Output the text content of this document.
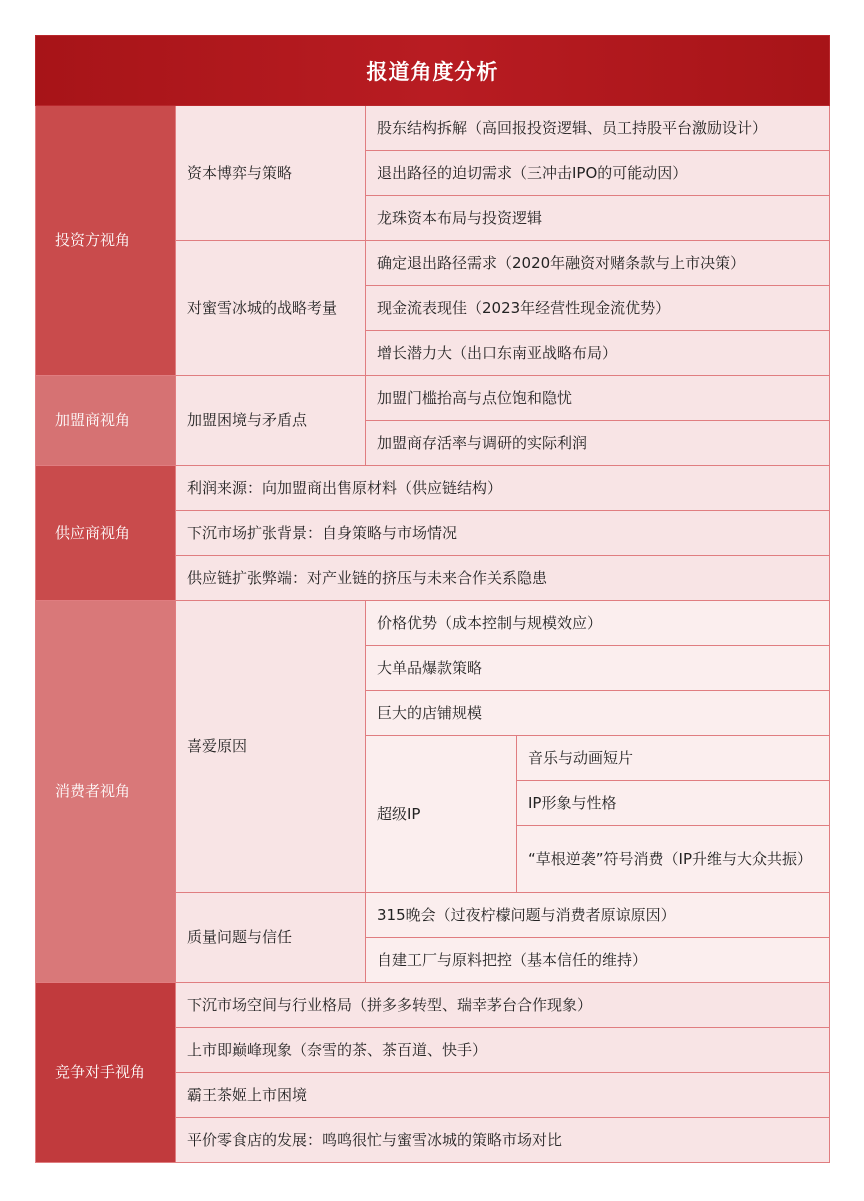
报道角度分析			
投资方视角	资本博弈与策略	股东结构拆解（高回报投资逻辑、员工持股平台激励设计）	
		退出路径的迫切需求（三冲击IPO的可能动因）	
		龙珠资本布局与投资逻辑	
	对蜜雪冰城的战略考量	确定退出路径需求（2020年融资对赌条款与上市决策）	
		现金流表现佳（2023年经营性现金流优势）	
		增长潜力大（出口东南亚战略布局）	
加盟商视角	加盟困境与矛盾点	加盟门槛抬高与点位饱和隐忧	
		加盟商存活率与调研的实际利润	
供应商视角	利润来源：向加盟商出售原材料（供应链结构）		
	下沉市场扩张背景：自身策略与市场情况		
	供应链扩张弊端：对产业链的挤压与未来合作关系隐患		
消费者视角	喜爱原因	价格优势（成本控制与规模效应）	
		大单品爆款策略	
		巨大的店铺规模	
		超级IP	音乐与动画短片
			IP形象与性格
			“草根逆袭”符号消费（IP升维与大众共振）
	质量问题与信任	315晚会（过夜柠檬问题与消费者原谅原因）	
		自建工厂与原料把控（基本信任的维持）	
竞争对手视角	下沉市场空间与行业格局（拼多多转型、瑞幸茅台合作现象）		
	上市即巅峰现象（奈雪的茶、茶百道、快手）		
	霸王茶姬上市困境		
	平价零食店的发展：鸣鸣很忙与蜜雪冰城的策略市场对比		
